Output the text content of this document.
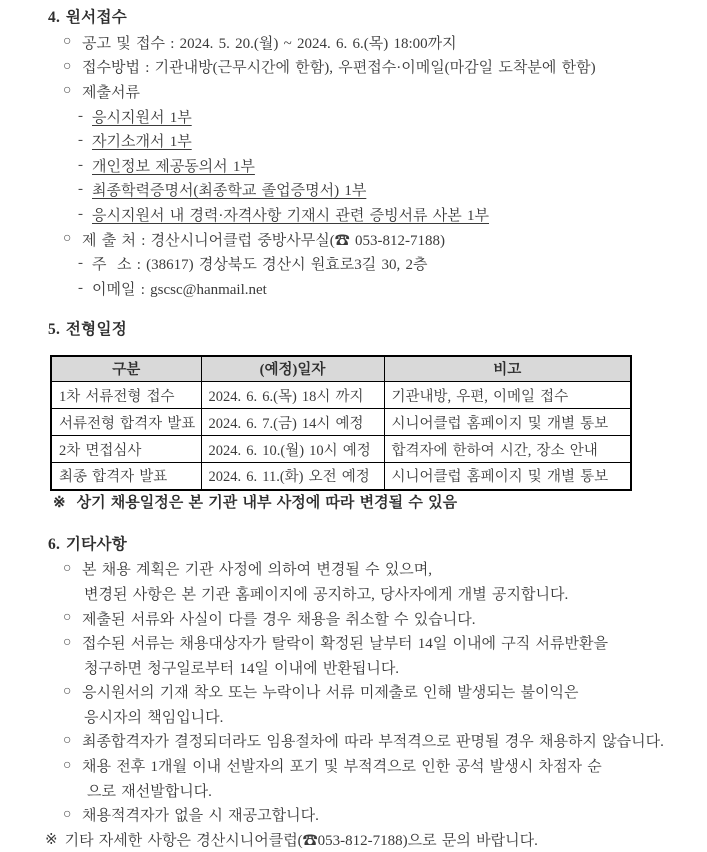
4. 원서접수
○ 공고 및 접수 : 2024. 5. 20.(월) ~ 2024. 6. 6.(목) 18:00까지
○ 접수방법 : 기관내방(근무시간에 한함), 우편접수·이메일(마감일 도착분에 한함)
○ 제출서류
- 응시지원서 1부
- 자기소개서 1부
- 개인정보 제공동의서 1부
- 최종학력증명서(최종학교 졸업증명서) 1부
- 응시지원서 내 경력·자격사항 기재시 관련 증빙서류 사본 1부
○ 제 출 처 : 경산시니어클럽 중방사무실(☎ 053-812-7188)
- 주  소 : (38617) 경상북도 경산시 원효로3길 30, 2층
- 이메일 : gscsc@hanmail.net
5. 전형일정
구분	(예정)일자	비고
1차 서류전형 접수	2024. 6. 6.(목) 18시 까지	기관내방, 우편, 이메일 접수
서류전형 합격자 발표	2024. 6. 7.(금) 14시 예정	시니어클럽 홈페이지 및 개별 통보
2차 면접심사	2024. 6. 10.(월) 10시 예정	합격자에 한하여 시간, 장소 안내
최종 합격자 발표	2024. 6. 11.(화) 오전 예정	시니어클럽 홈페이지 및 개별 통보
※ 상기 채용일정은 본 기관 내부 사정에 따라 변경될 수 있음
6. 기타사항
○ 본 채용 계획은 기관 사정에 의하여 변경될 수 있으며,
변경된 사항은 본 기관 홈페이지에 공지하고, 당사자에게 개별 공지합니다.
○ 제출된 서류와 사실이 다를 경우 채용을 취소할 수 있습니다.
○ 접수된 서류는 채용대상자가 탈락이 확정된 날부터 14일 이내에 구직 서류반환을
청구하면 청구일로부터 14일 이내에 반환됩니다.
○ 응시원서의 기재 착오 또는 누락이나 서류 미제출로 인해 발생되는 불이익은
응시자의 책임입니다.
○ 최종합격자가 결정되더라도 임용절차에 따라 부적격으로 판명될 경우 채용하지 않습니다.
○ 채용 전후 1개월 이내 선발자의 포기 및 부적격으로 인한 공석 발생시 차점자 순
으로 재선발합니다.
○ 채용적격자가 없을 시 재공고합니다.
※ 기타 자세한 사항은 경산시니어클럽(☎053-812-7188)으로 문의 바랍니다.
